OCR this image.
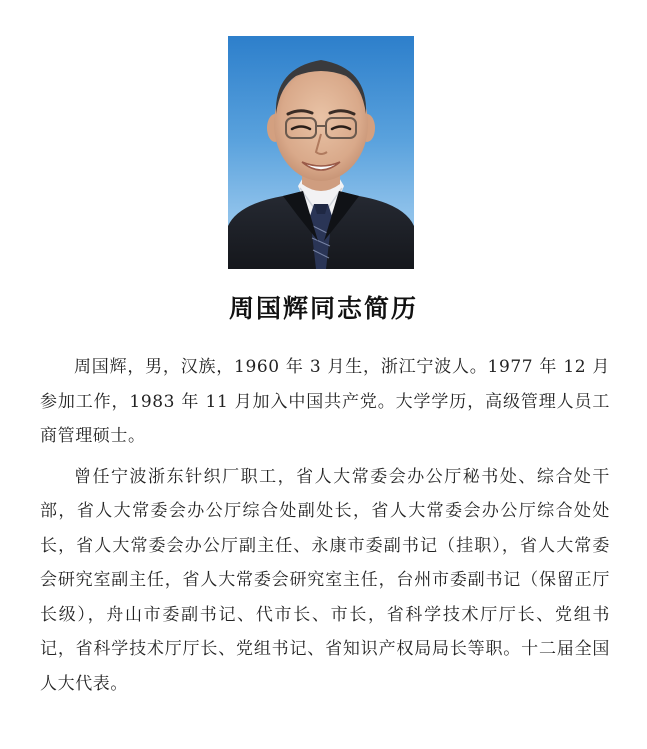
周国辉同志简历

周国辉，男，汉族，1960 年 3 月生，浙江宁波人。1977 年 12 月参加工作，1983 年 11 月加入中国共产党。大学学历，高级管理人员工商管理硕士。

曾任宁波浙东针织厂职工，省人大常委会办公厅秘书处、综合处干部，省人大常委会办公厅综合处副处长，省人大常委会办公厅综合处处长，省人大常委会办公厅副主任、永康市委副书记（挂职），省人大常委会研究室副主任，省人大常委会研究室主任，台州市委副书记（保留正厅长级），舟山市委副书记、代市长、市长，省科学技术厅厅长、党组书记，省科学技术厅厅长、党组书记、省知识产权局局长等职。十二届全国人大代表。
